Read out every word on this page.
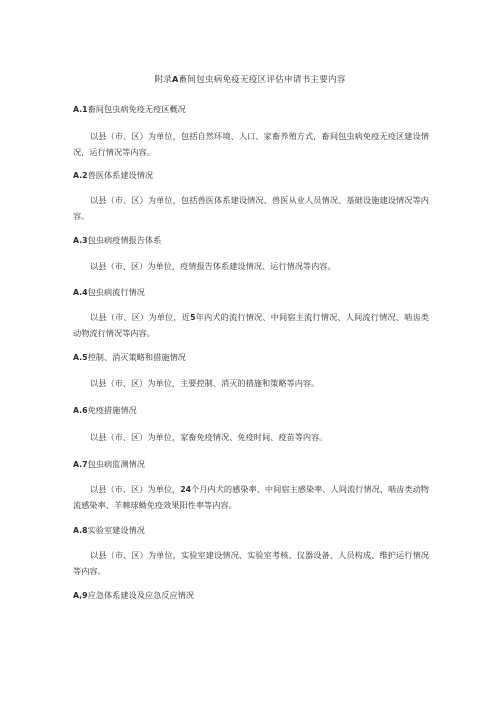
附录A畜间包虫病免疫无疫区评估申请书主要内容
A.1畜间包虫病免疫无疫区概况

以县（市、区）为单位，包括自然环境、人口、家畜养殖方式，畜间包虫病免疫无疫区建设情况，运行情况等内容。

A.2兽医体系建设情况

以县（市、区）为单位，包括兽医体系建设情况、兽医从业人员情况、基础设施建设情况等内容。

A.3包虫病疫情报告体系

以县（市、区）为单位，疫情报告体系建设情况、运行情况等内容。

A.4包虫病流行情况

以县（市、区）为单位，近5年内犬的流行情况、中间宿主流行情况、人间流行情况、啮齿类动物流行情况等内容。

A.5控制、消灭策略和措施情况

以县（市、区）为单位，主要控制、消灭的措施和策略等内容。

A.6免疫措施情况

以县（市、区）为单位，家畜免疫情况、免疫时间、疫苗等内容。

A.7包虫病监测情况

以县（市、区）为单位，24个月内犬的感染率、中间宿主感染率、人间流行情况、啮齿类动物流感染率、羊棘球蚴免疫效果阳性率等内容。

A.8实验室建设情况

以县（市、区）为单位，实验室建设情况、实验室考核、仪器设备、人员构成、维护运行情况等内容。

A,9应急体系建设及应急反应情况
